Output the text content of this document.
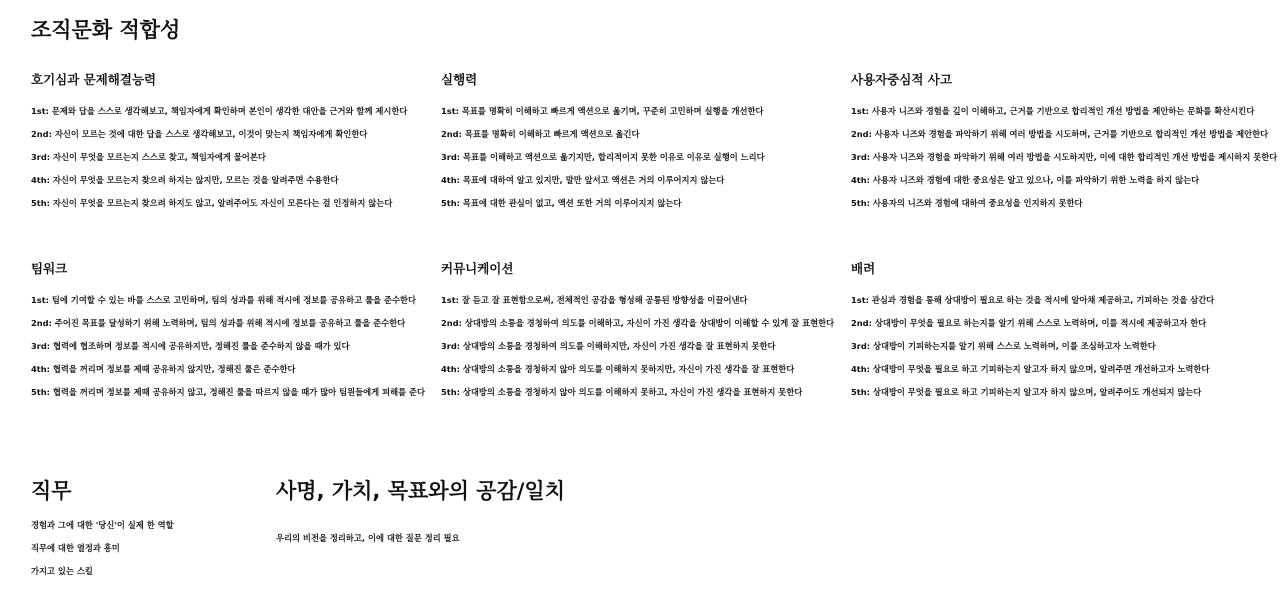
조직문화 적합성
호기심과 문제해결능력
1st: 문제와 답을 스스로 생각해보고, 책임자에게 확인하며 본인이 생각한 대안을 근거와 함께 제시한다
2nd: 자신이 모르는 것에 대한 답을 스스로 생각해보고, 이것이 맞는지 책임자에게 확인한다
3rd: 자신이 무엇을 모르는지 스스로 찾고, 책임자에게 물어본다
4th: 자신이 무엇을 모르는지 찾으려 하지는 않지만, 모르는 것을 알려주면 수용한다
5th: 자신이 무엇을 모르는지 찾으려 하지도 않고, 알려주어도 자신이 모른다는 걸 인정하지 않는다
실행력
1st: 목표를 명확히 이해하고 빠르게 액션으로 옮기며, 꾸준히 고민하며 실행을 개선한다
2nd: 목표를 명확히 이해하고 빠르게 액션으로 옮긴다
3rd: 목표를 이해하고 액션으로 옮기지만, 합리적이지 못한 이유로 이유로 실행이 느리다
4th: 목표에 대하여 알고 있지만, 말만 앞서고 액션은 거의 이루어지지 않는다
5th: 목표에 대한 관심이 없고, 액션 또한 거의 이루어지지 않는다
사용자중심적 사고
1st: 사용자 니즈와 경험을 깊이 이해하고, 근거를 기반으로 합리적인 개선 방법을 제안하는 문화를 확산시킨다
2nd: 사용자 니즈와 경험을 파악하기 위해 여러 방법을 시도하며, 근거를 기반으로 합리적인 개선 방법을 제안한다
3rd: 사용자 니즈와 경험을 파악하기 위해 여러 방법을 시도하지만, 이에 대한 합리적인 개선 방법을 제시하지 못한다
4th: 사용자 니즈와 경험에 대한 중요성은 알고 있으나, 이를 파악하기 위한 노력을 하지 않는다
5th: 사용자의 니즈와 경험에 대하여 중요성을 인지하지 못한다
팀워크
1st: 팀에 기여할 수 있는 바를 스스로 고민하며, 팀의 성과를 위해 적시에 정보를 공유하고 룰을 준수한다
2nd: 주어진 목표를 달성하기 위해 노력하며, 팀의 성과를 위해 적시에 정보를 공유하고 룰을 준수한다
3rd: 협력에 협조하며 정보를 적시에 공유하지만, 정해진 룰을 준수하지 않을 때가 있다
4th: 협력을 꺼리며 정보를 제때 공유하지 않지만, 정해진 룰은 준수한다
5th: 협력을 꺼리며 정보를 제때 공유하지 않고, 정해진 룰을 따르지 않을 때가 많아 팀원들에게 피해를 준다
커뮤니케이션
1st: 잘 듣고 잘 표현함으로써, 전체적인 공감을 형성해 공통된 방향성을 이끌어낸다
2nd: 상대방의 소통을 경청하여 의도를 이해하고, 자신이 가진 생각을 상대방이 이해할 수 있게 잘 표현한다
3rd: 상대방의 소통을 경청하여 의도를 이해하지만, 자신이 가진 생각을 잘 표현하지 못한다
4th: 상대방의 소통을 경청하지 않아 의도를 이해하지 못하지만, 자신이 가진 생각을 잘 표현한다
5th: 상대방의 소통을 경청하지 않아 의도를 이해하지 못하고, 자신이 가진 생각을 표현하지 못한다
배려
1st: 관심과 경험을 통해 상대방이 필요로 하는 것을 적시에 알아채 제공하고, 기피하는 것을 삼간다
2nd: 상대방이 무엇을 필요로 하는지를 알기 위해 스스로 노력하며, 이를 적시에 제공하고자 한다
3rd: 상대방이 기피하는지를 알기 위해 스스로 노력하며, 이를 조심하고자 노력한다
4th: 상대방이 무엇을 필요로 하고 기피하는지 알고자 하지 않으며, 알려주면 개선하고자 노력한다
5th: 상대방이 무엇을 필요로 하고 기피하는지 알고자 하지 않으며, 알려주어도 개선되지 않는다
직무
경험과 그에 대한 '당신'이 실제 한 역할
직무에 대한 열정과 흥미
가지고 있는 스킬
사명, 가치, 목표와의 공감/일치
우리의 비전을 정리하고, 이에 대한 질문 정리 필요
